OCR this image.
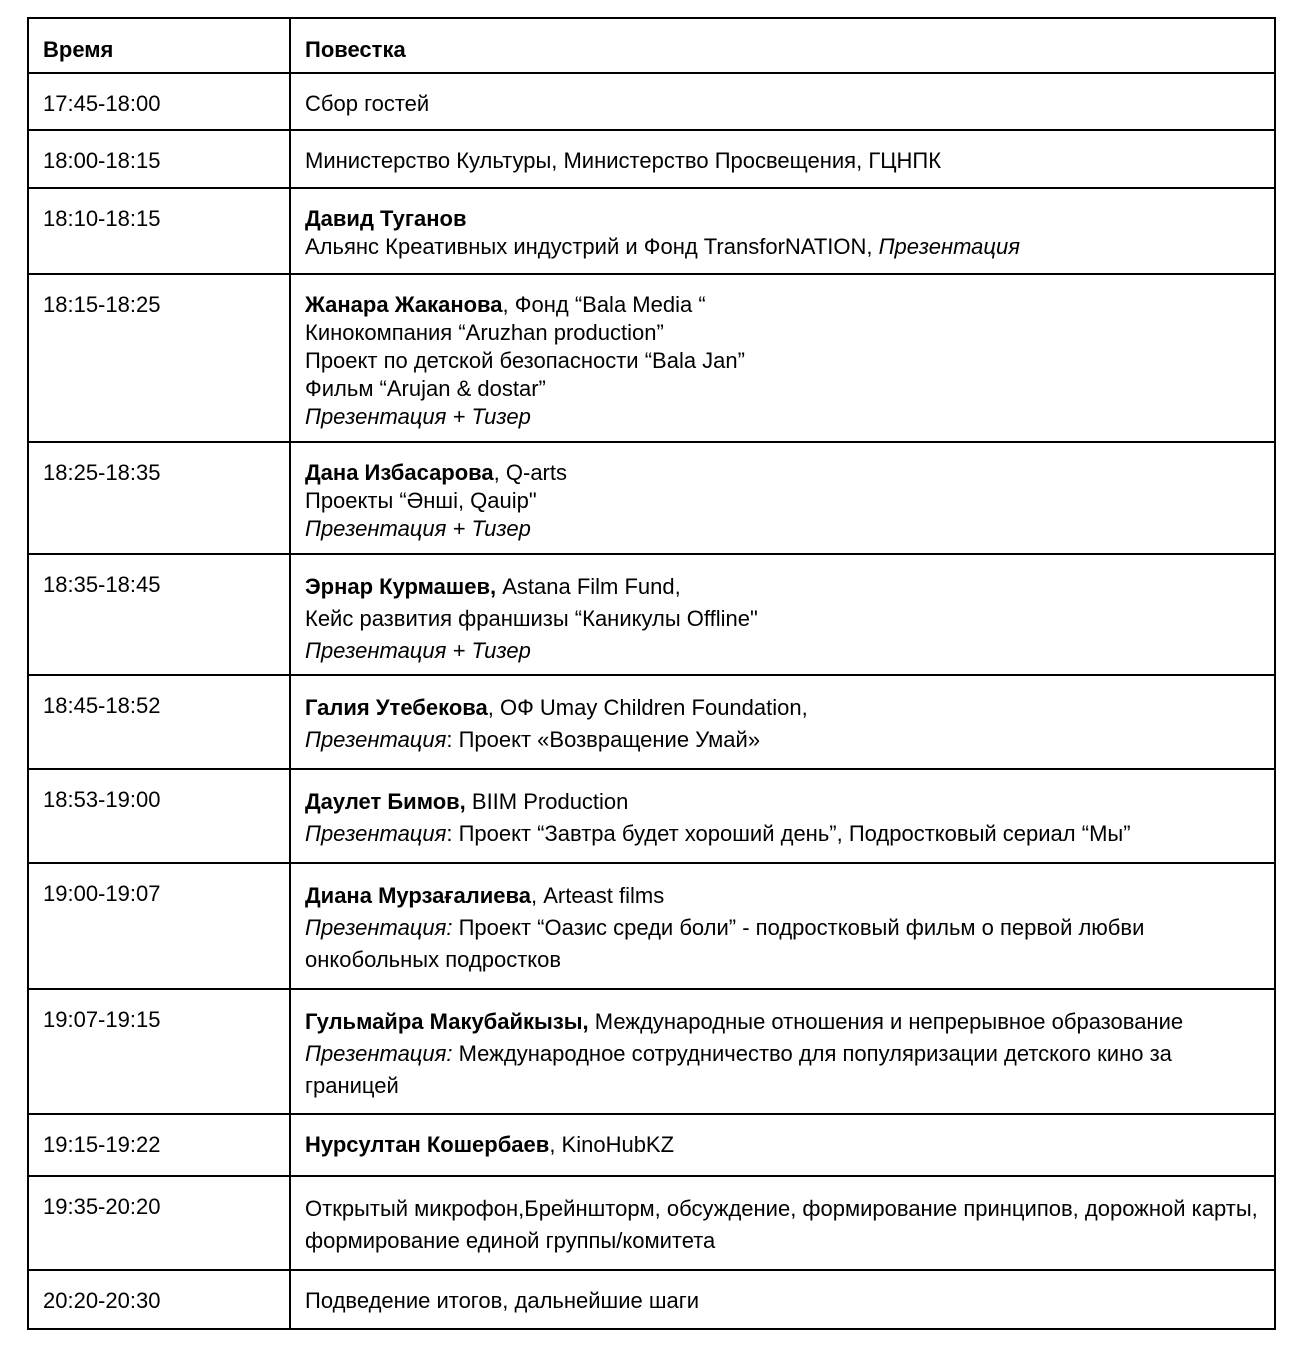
Время	Повестка
17:45-18:00	Сбор гостей

18:00-18:15	Министерство Культуры, Министерство Просвещения, ГЦНПК

18:10-18:15	Давид Туганов
Альянс Креативных индустрий и Фонд TransforNATION, Презентация

18:15-18:25	Жанара Жаканова, Фонд “Bala Media “
Кинокомпания “Aruzhan production”
Проект по детской безопасности “Bala Jan”
Фильм “Arujan & dostar”
Презентация + Тизер

18:25-18:35	Дана Избасарова, Q-arts
Проекты “Әнші, Qauip"
Презентация + Тизер

18:35-18:45	Эрнар Курмашев, Astana Film Fund,
Кейс развития франшизы “Каникулы Offline"
Презентация + Тизер

18:45-18:52	Галия Утебекова, ОФ Umay Children Foundation,
Презентация: Проект «Возвращение Умай»

18:53-19:00	Даулет Бимов, BIIM Production
Презентация: Проект “Завтра будет хороший день”, Подростковый сериал “Мы”

19:00-19:07	Диана Мурзағалиева, Arteast films
Презентация: Проект “Оазис среди боли” - подростковый фильм о первой любви онкобольных подростков

19:07-19:15	Гульмайра Макубайкызы, Международные отношения и непрерывное образование
Презентация: Международное сотрудничество для популяризации детского кино за границей

19:15-19:22	Нурсултан Кошербаев, KinoHubKZ

19:35-20:20	Открытый микрофон,Брейншторм, обсуждение, формирование принципов, дорожной карты, формирование единой группы/комитета

20:20-20:30	Подведение итогов, дальнейшие шаги
